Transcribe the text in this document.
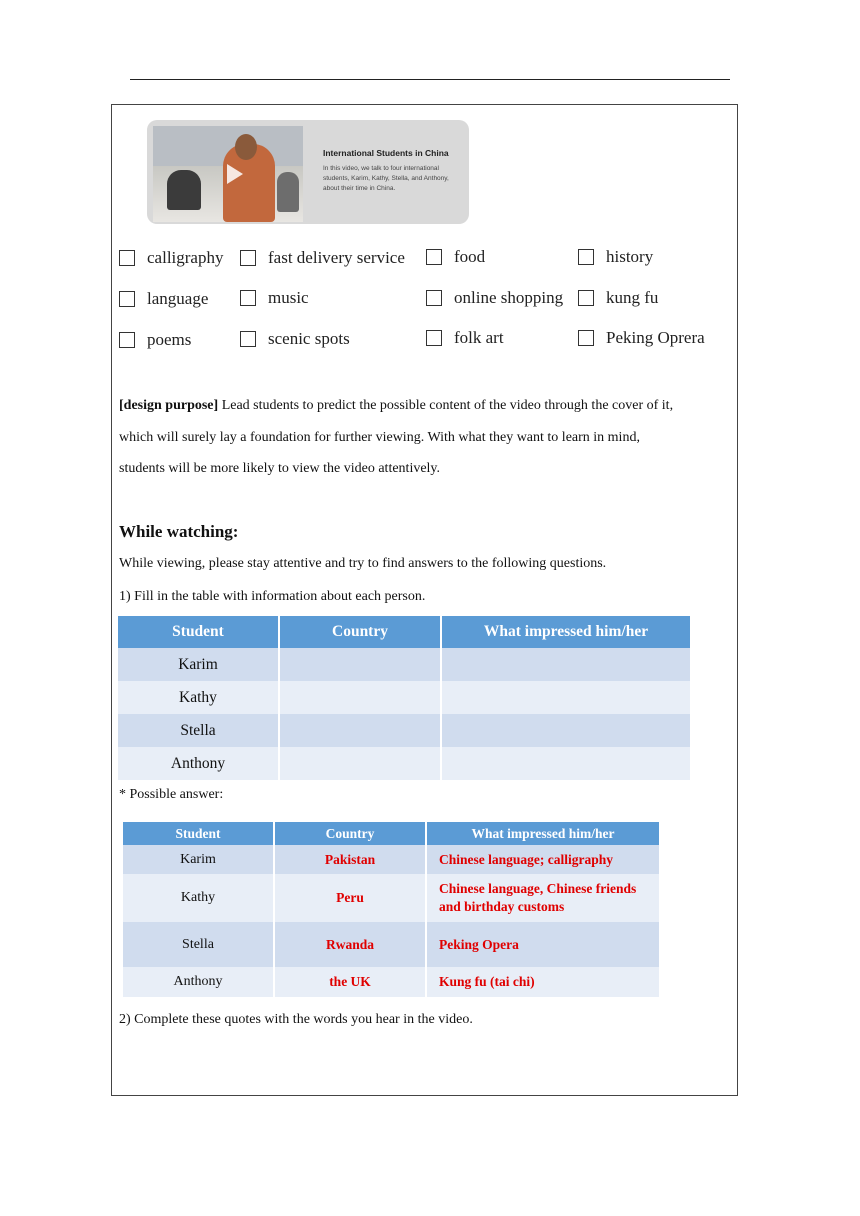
International Students in China
In this video, we talk to four international students, Karim, Kathy, Stella, and Anthony, about their time in China.
calligraphy	fast delivery service	food	history
language	music	online shopping	kung fu
poems	scenic spots	folk art	Peking Oprera
[design purpose] Lead students to predict the possible content of the video through the cover of it,
which will surely lay a foundation for further viewing. With what they want to learn in mind,
students will be more likely to view the video attentively.
While watching:
While viewing, please stay attentive and try to find answers to the following questions.
1) Fill in the table with information about each person.
Student	Country	What impressed him/her
Karim		
Kathy		
Stella		
Anthony		
* Possible answer:
Student	Country	What impressed him/her
Karim	Pakistan	Chinese language; calligraphy
Kathy	Peru	Chinese language, Chinese friends and birthday customs
Stella	Rwanda	Peking Opera
Anthony	the UK	Kung fu (tai chi)
2) Complete these quotes with the words you hear in the video.
